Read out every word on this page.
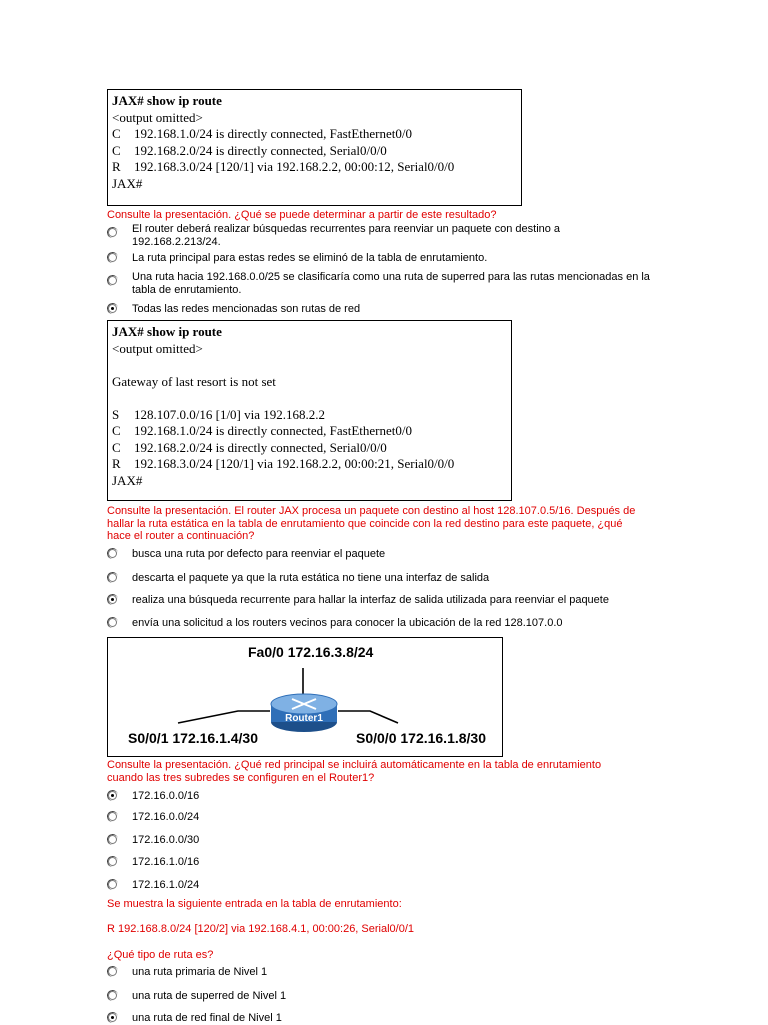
JAX# show ip route
<output omitted>
C 192.168.1.0/24 is directly connected, FastEthernet0/0
C 192.168.2.0/24 is directly connected, Serial0/0/0
R 192.168.3.0/24 [120/1] via 192.168.2.2, 00:00:12, Serial0/0/0
JAX#
Consulte la presentación. ¿Qué se puede determinar a partir de este resultado?
El router deberá realizar búsquedas recurrentes para reenviar un paquete con destino a 192.168.2.213/24.
La ruta principal para estas redes se eliminó de la tabla de enrutamiento.
Una ruta hacia 192.168.0.0/25 se clasificaría como una ruta de superred para las rutas mencionadas en la tabla de enrutamiento.
Todas las redes mencionadas son rutas de red
JAX# show ip route
<output omitted>

Gateway of last resort is not set

S 128.107.0.0/16 [1/0] via 192.168.2.2
C 192.168.1.0/24 is directly connected, FastEthernet0/0
C 192.168.2.0/24 is directly connected, Serial0/0/0
R 192.168.3.0/24 [120/1] via 192.168.2.2, 00:00:21, Serial0/0/0
JAX#
Consulte la presentación. El router JAX procesa un paquete con destino al host 128.107.0.5/16. Después de hallar la ruta estática en la tabla de enrutamiento que coincide con la red destino para este paquete, ¿qué hace el router a continuación?
busca una ruta por defecto para reenviar el paquete
descarta el paquete ya que la ruta estática no tiene una interfaz de salida
realiza una búsqueda recurrente para hallar la interfaz de salida utilizada para reenviar el paquete
envía una solicitud a los routers vecinos para conocer la ubicación de la red 128.107.0.0
Fa0/0 172.16.3.8/24
Router1
S0/0/1 172.16.1.4/30	S0/0/0 172.16.1.8/30
Consulte la presentación. ¿Qué red principal se incluirá automáticamente en la tabla de enrutamiento cuando las tres subredes se configuren en el Router1?
172.16.0.0/16
172.16.0.0/24
172.16.0.0/30
172.16.1.0/16
172.16.1.0/24
Se muestra la siguiente entrada en la tabla de enrutamiento:
R 192.168.8.0/24 [120/2] via 192.168.4.1, 00:00:26, Serial0/0/1
¿Qué tipo de ruta es?
una ruta primaria de Nivel 1
una ruta de superred de Nivel 1
una ruta de red final de Nivel 1
